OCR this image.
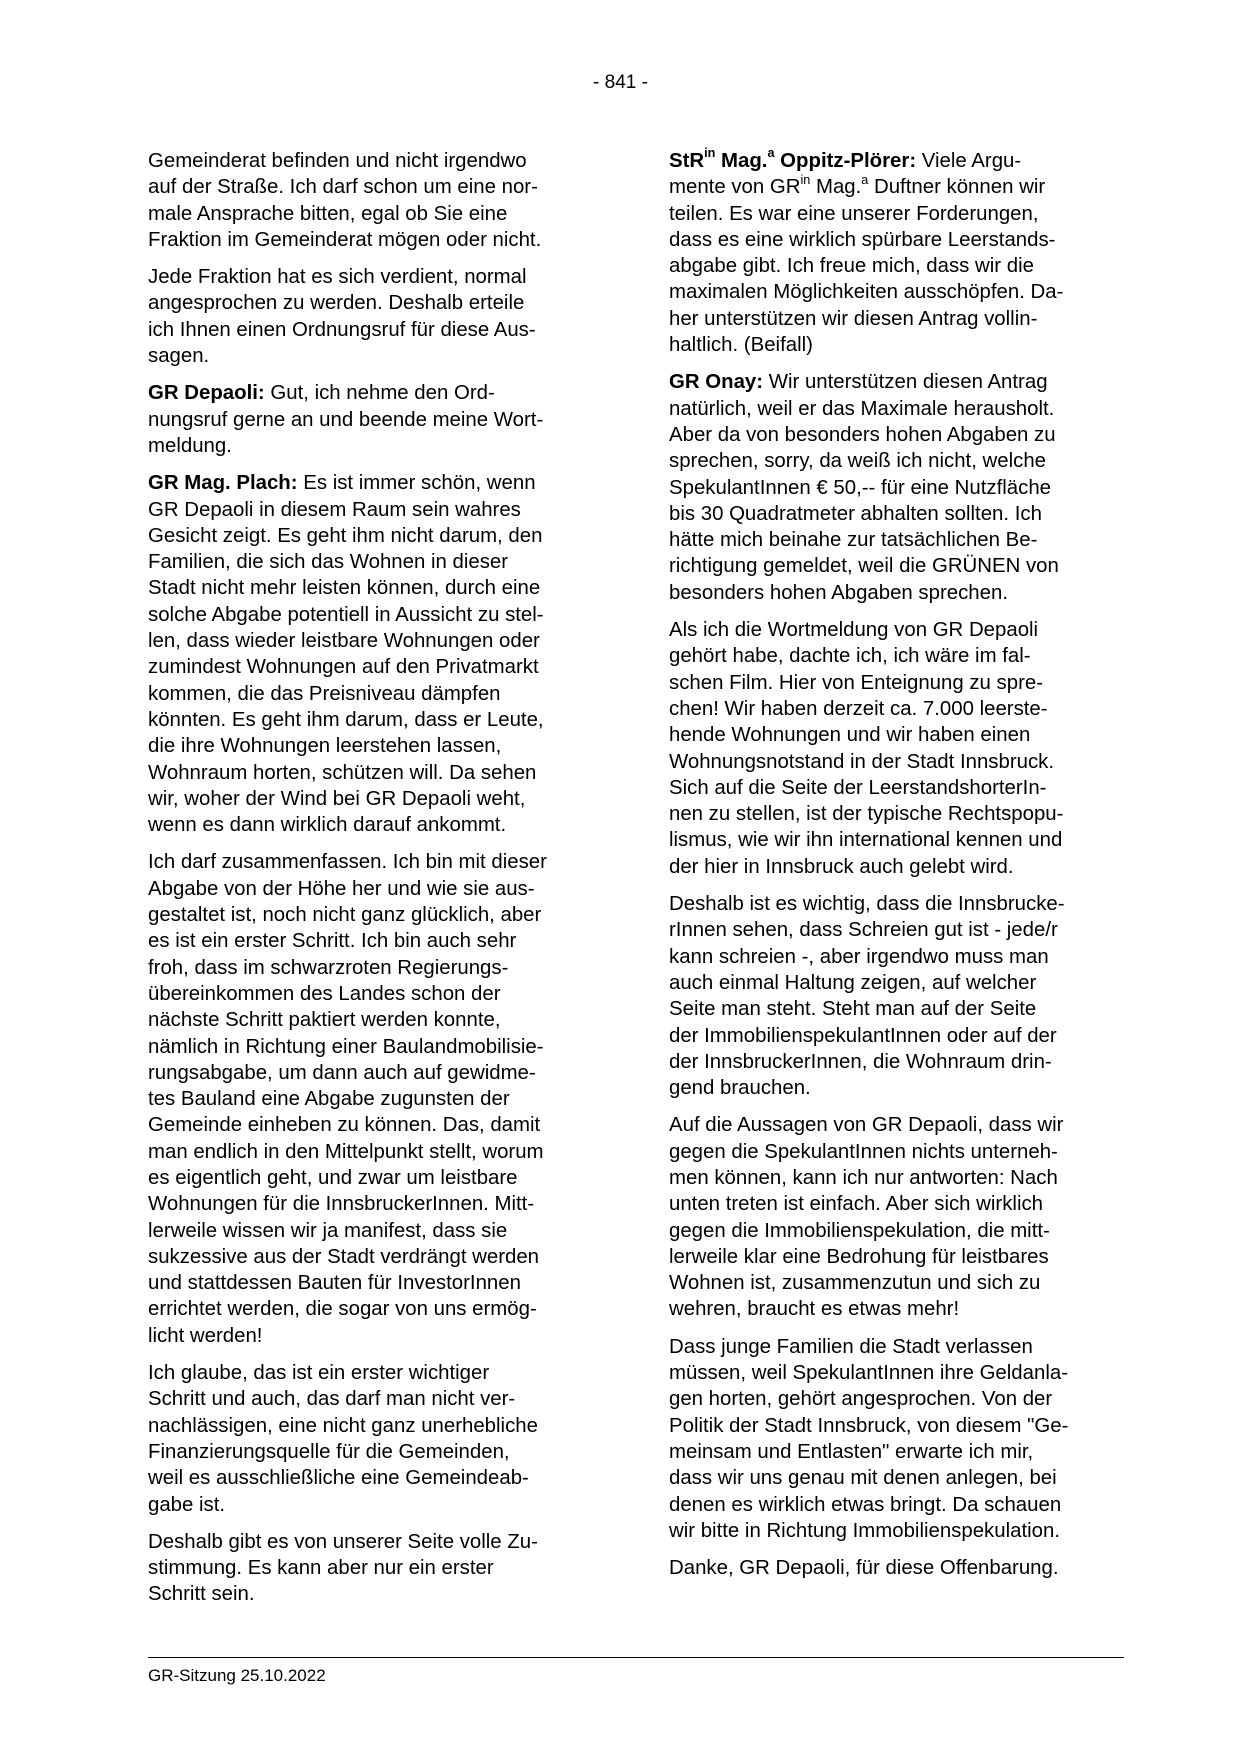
- 841 -

Gemeinderat befinden und nicht irgendwo
auf der Straße. Ich darf schon um eine nor-
male Ansprache bitten, egal ob Sie eine
Fraktion im Gemeinderat mögen oder nicht.

Jede Fraktion hat es sich verdient, normal
angesprochen zu werden. Deshalb erteile
ich Ihnen einen Ordnungsruf für diese Aus-
sagen.

GR Depaoli: Gut, ich nehme den Ord-
nungsruf gerne an und beende meine Wort-
meldung.

GR Mag. Plach: Es ist immer schön, wenn
GR Depaoli in diesem Raum sein wahres
Gesicht zeigt. Es geht ihm nicht darum, den
Familien, die sich das Wohnen in dieser
Stadt nicht mehr leisten können, durch eine
solche Abgabe potentiell in Aussicht zu stel-
len, dass wieder leistbare Wohnungen oder
zumindest Wohnungen auf den Privatmarkt
kommen, die das Preisniveau dämpfen
könnten. Es geht ihm darum, dass er Leute,
die ihre Wohnungen leerstehen lassen,
Wohnraum horten, schützen will. Da sehen
wir, woher der Wind bei GR Depaoli weht,
wenn es dann wirklich darauf ankommt.

Ich darf zusammenfassen. Ich bin mit dieser
Abgabe von der Höhe her und wie sie aus-
gestaltet ist, noch nicht ganz glücklich, aber
es ist ein erster Schritt. Ich bin auch sehr
froh, dass im schwarzroten Regierungs-
übereinkommen des Landes schon der
nächste Schritt paktiert werden konnte,
nämlich in Richtung einer Baulandmobilisie-
rungsabgabe, um dann auch auf gewidme-
tes Bauland eine Abgabe zugunsten der
Gemeinde einheben zu können. Das, damit
man endlich in den Mittelpunkt stellt, worum
es eigentlich geht, und zwar um leistbare
Wohnungen für die InnsbruckerInnen. Mitt-
lerweile wissen wir ja manifest, dass sie
sukzessive aus der Stadt verdrängt werden
und stattdessen Bauten für InvestorInnen
errichtet werden, die sogar von uns ermög-
licht werden!

Ich glaube, das ist ein erster wichtiger
Schritt und auch, das darf man nicht ver-
nachlässigen, eine nicht ganz unerhebliche
Finanzierungsquelle für die Gemeinden,
weil es ausschließliche eine Gemeindeab-
gabe ist.

Deshalb gibt es von unserer Seite volle Zu-
stimmung. Es kann aber nur ein erster
Schritt sein.

StR$^{in}$ Mag.$^a$ Oppitz-Plörer: Viele Argu-
mente von $GR^{in}$ Mag.$^a$ Duftner können wir
teilen. Es war eine unserer Forderungen,
dass es eine wirklich spürbare Leerstands-
abgabe gibt. Ich freue mich, dass wir die
maximalen Möglichkeiten ausschöpfen. Da-
her unterstützen wir diesen Antrag vollin-
haltlich. (Beifall)

GR Onay: Wir unterstützen diesen Antrag
natürlich, weil er das Maximale herausholt.
Aber da von besonders hohen Abgaben zu
sprechen, sorry, da weiß ich nicht, welche
SpekulantInnen € 50,-- für eine Nutzfläche
bis 30 Quadratmeter abhalten sollten. Ich
hätte mich beinahe zur tatsächlichen Be-
richtigung gemeldet, weil die GRÜNEN von
besonders hohen Abgaben sprechen.

Als ich die Wortmeldung von GR Depaoli
gehört habe, dachte ich, ich wäre im fal-
schen Film. Hier von Enteignung zu spre-
chen! Wir haben derzeit ca. 7.000 leerste-
hende Wohnungen und wir haben einen
Wohnungsnotstand in der Stadt Innsbruck.
Sich auf die Seite der LeerstandshorterIn-
nen zu stellen, ist der typische Rechtspopu-
lismus, wie wir ihn international kennen und
der hier in Innsbruck auch gelebt wird.

Deshalb ist es wichtig, dass die Innsbrucke-
rInnen sehen, dass Schreien gut ist - jede/r
kann schreien -, aber irgendwo muss man
auch einmal Haltung zeigen, auf welcher
Seite man steht. Steht man auf der Seite
der ImmobilienspekulantInnen oder auf der
der InnsbruckerInnen, die Wohnraum drin-
gend brauchen.

Auf die Aussagen von GR Depaoli, dass wir
gegen die SpekulantInnen nichts unterneh-
men können, kann ich nur antworten: Nach
unten treten ist einfach. Aber sich wirklich
gegen die Immobilienspekulation, die mitt-
lerweile klar eine Bedrohung für leistbares
Wohnen ist, zusammenzutun und sich zu
wehren, braucht es etwas mehr!

Dass junge Familien die Stadt verlassen
müssen, weil SpekulantInnen ihre Geldanla-
gen horten, gehört angesprochen. Von der
Politik der Stadt Innsbruck, von diesem "Ge-
meinsam und Entlasten" erwarte ich mir,
dass wir uns genau mit denen anlegen, bei
denen es wirklich etwas bringt. Da schauen
wir bitte in Richtung Immobilienspekulation.

Danke, GR Depaoli, für diese Offenbarung.

GR-Sitzung 25.10.2022
